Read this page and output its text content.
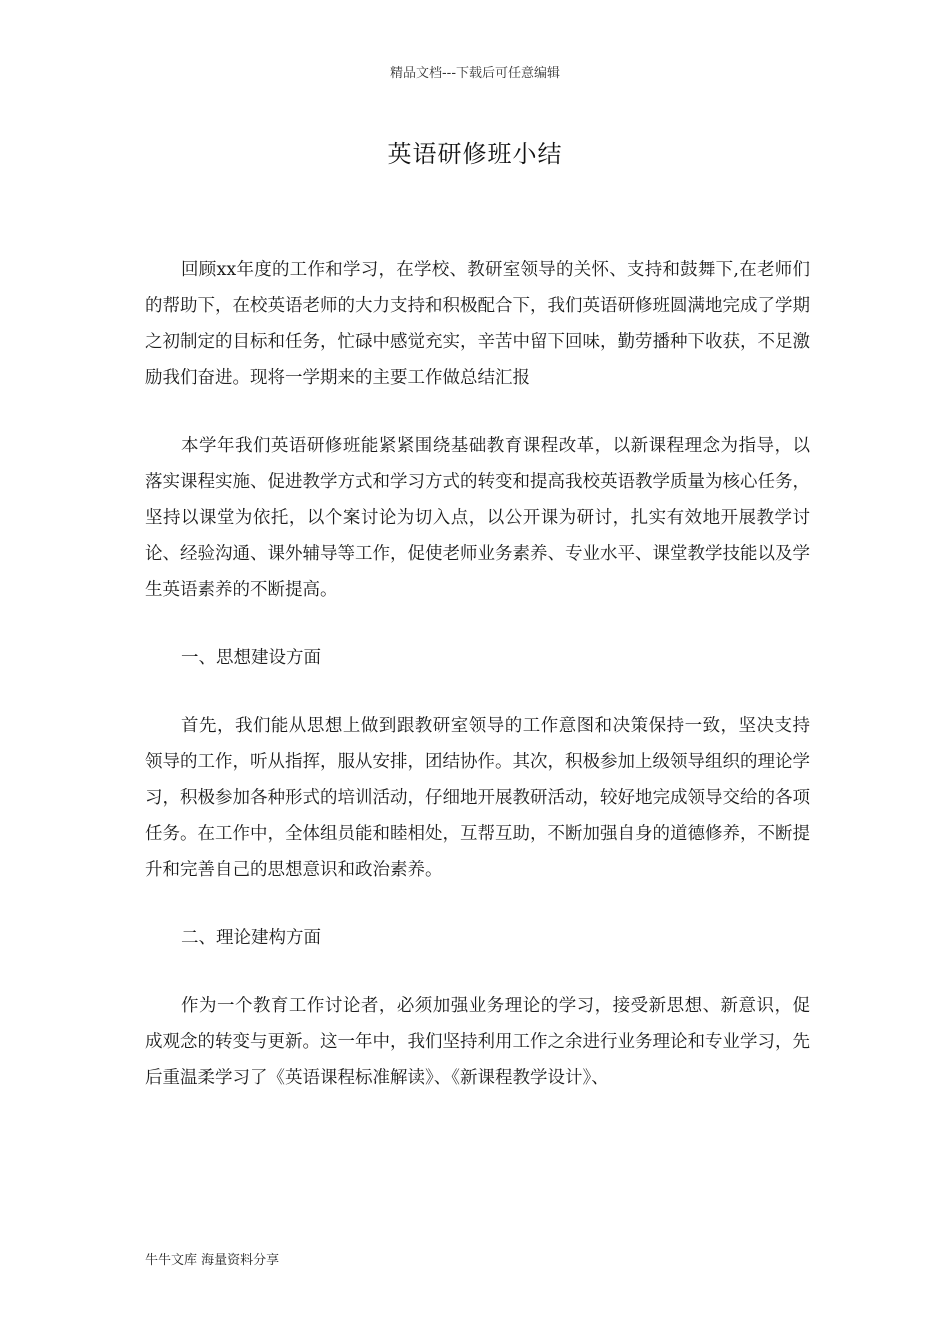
精品文档---下载后可任意编辑
英语研修班小结

回顾xx年度的工作和学习，在学校、教研室领导的关怀、支持和鼓舞下,在老师们的帮助下，在校英语老师的大力支持和积极配合下，我们英语研修班圆满地完成了学期之初制定的目标和任务，忙碌中感觉充实，辛苦中留下回味，勤劳播种下收获，不足激励我们奋进。现将一学期来的主要工作做总结汇报

本学年我们英语研修班能紧紧围绕基础教育课程改革，以新课程理念为指导，以落实课程实施、促进教学方式和学习方式的转变和提高我校英语教学质量为核心任务，坚持以课堂为依托，以个案讨论为切入点，以公开课为研讨，扎实有效地开展教学讨论、经验沟通、课外辅导等工作，促使老师业务素养、专业水平、课堂教学技能以及学生英语素养的不断提高。

一、思想建设方面

首先，我们能从思想上做到跟教研室领导的工作意图和决策保持一致，坚决支持领导的工作，听从指挥，服从安排，团结协作。其次，积极参加上级领导组织的理论学习，积极参加各种形式的培训活动，仔细地开展教研活动，较好地完成领导交给的各项任务。在工作中，全体组员能和睦相处，互帮互助，不断加强自身的道德修养，不断提升和完善自己的思想意识和政治素养。

二、理论建构方面

作为一个教育工作讨论者，必须加强业务理论的学习，接受新思想、新意识，促成观念的转变与更新。这一年中，我们坚持利用工作之余进行业务理论和专业学习，先后重温柔学习了《英语课程标准解读》、《新课程教学设计》、

牛牛文库 海量资料分享
